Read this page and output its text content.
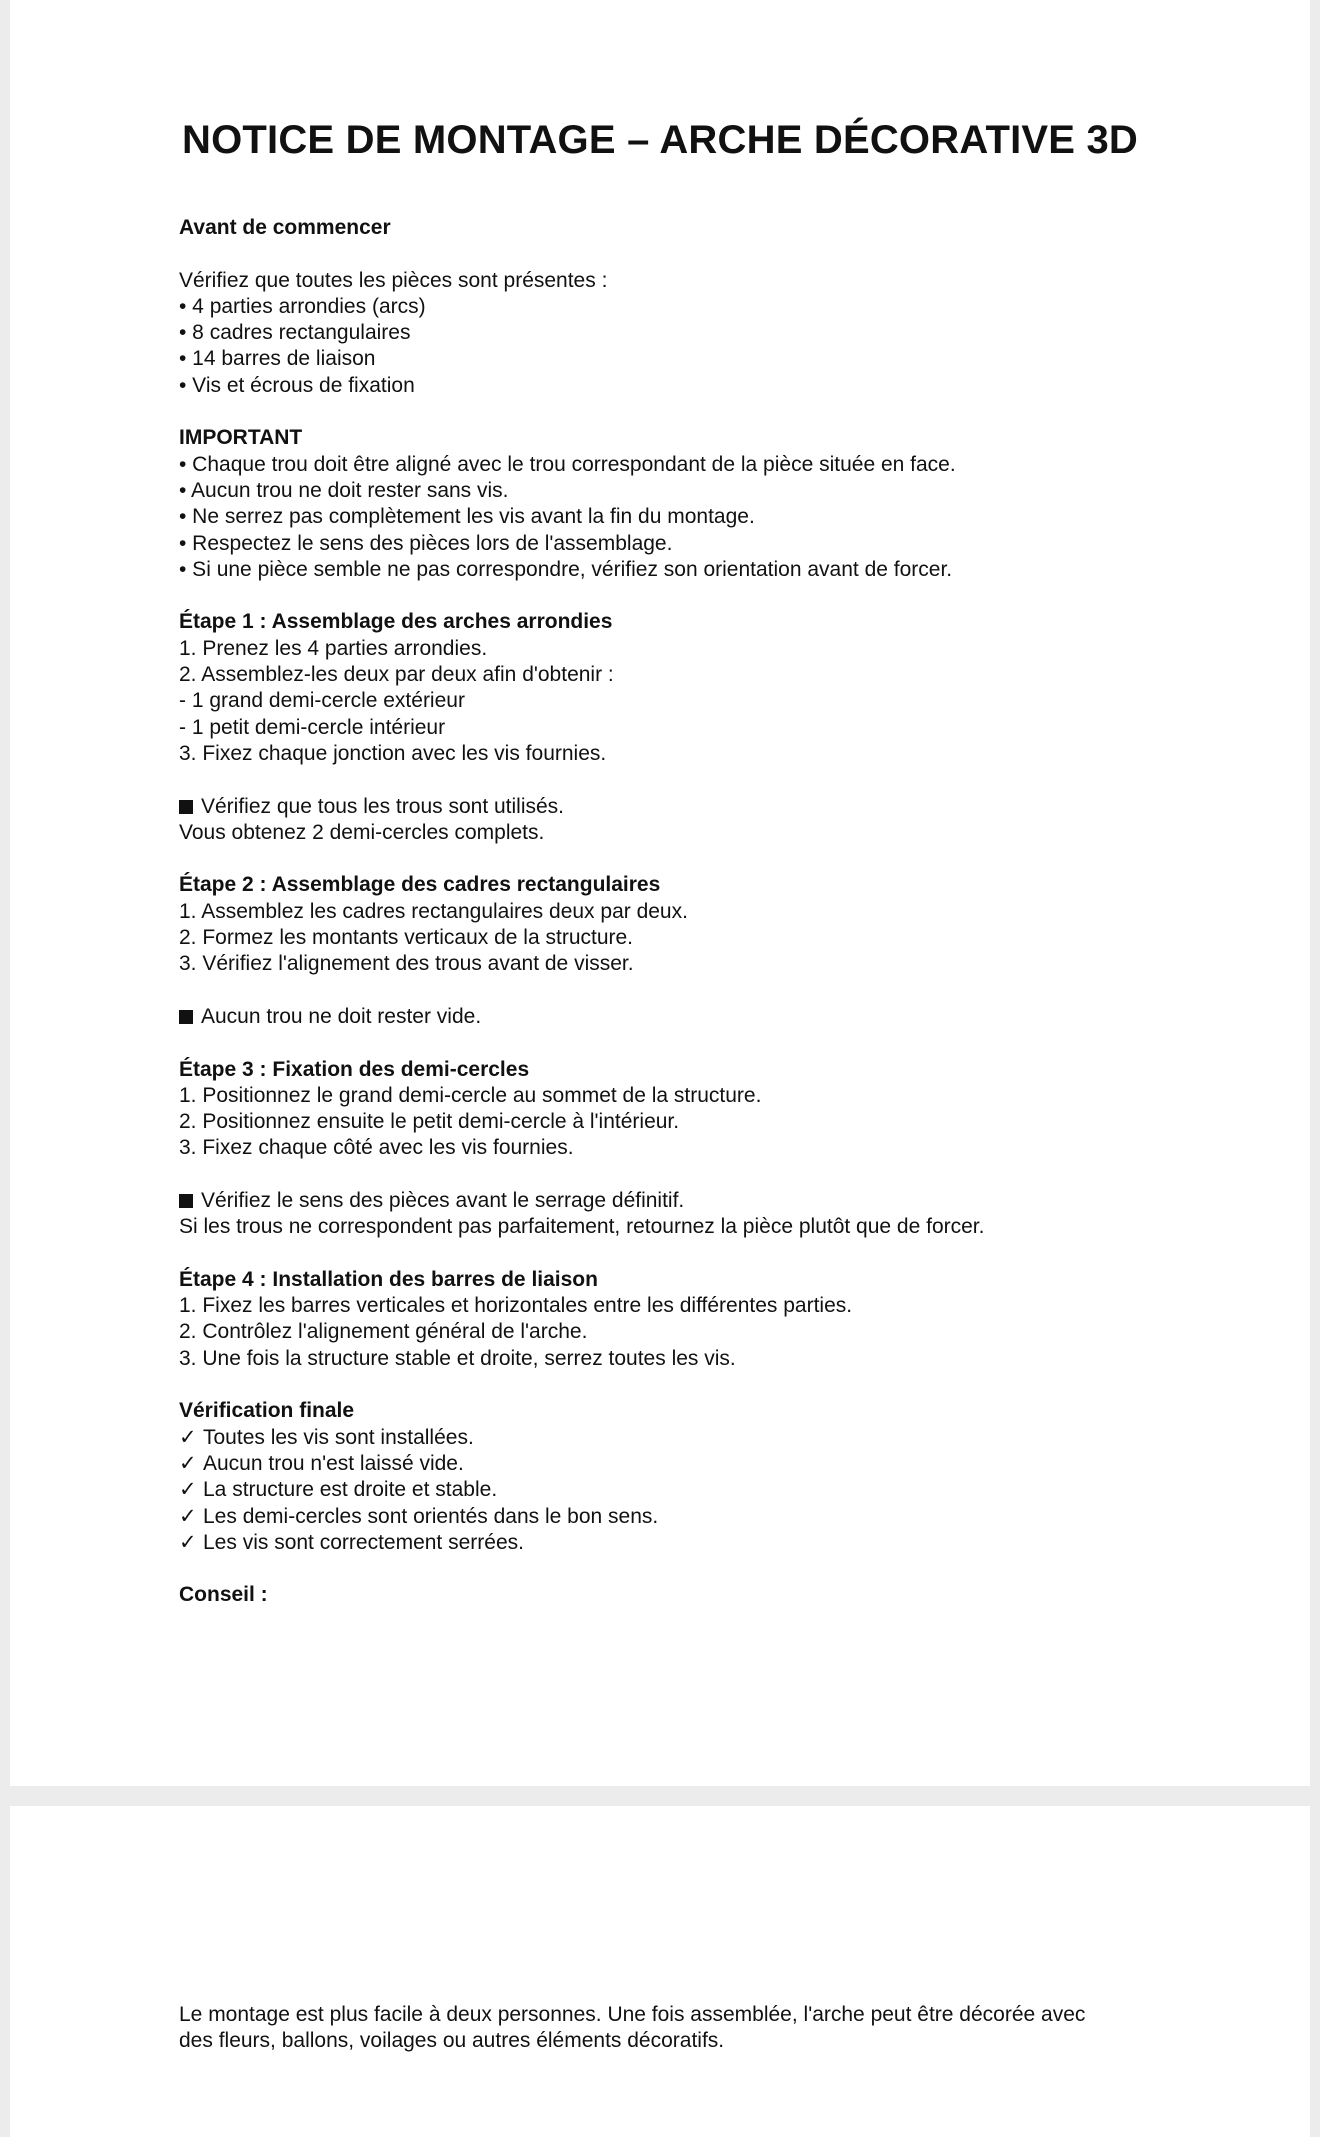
NOTICE DE MONTAGE – ARCHE DÉCORATIVE 3D
Avant de commencer
Vérifiez que toutes les pièces sont présentes :
• 4 parties arrondies (arcs)
• 8 cadres rectangulaires
• 14 barres de liaison
• Vis et écrous de fixation
IMPORTANT
• Chaque trou doit être aligné avec le trou correspondant de la pièce située en face.
• Aucun trou ne doit rester sans vis.
• Ne serrez pas complètement les vis avant la fin du montage.
• Respectez le sens des pièces lors de l'assemblage.
• Si une pièce semble ne pas correspondre, vérifiez son orientation avant de forcer.
Étape 1 : Assemblage des arches arrondies
1. Prenez les 4 parties arrondies.
2. Assemblez-les deux par deux afin d'obtenir :
- 1 grand demi-cercle extérieur
- 1 petit demi-cercle intérieur
3. Fixez chaque jonction avec les vis fournies.
Vérifiez que tous les trous sont utilisés.
Vous obtenez 2 demi-cercles complets.
Étape 2 : Assemblage des cadres rectangulaires
1. Assemblez les cadres rectangulaires deux par deux.
2. Formez les montants verticaux de la structure.
3. Vérifiez l'alignement des trous avant de visser.
Aucun trou ne doit rester vide.
Étape 3 : Fixation des demi-cercles
1. Positionnez le grand demi-cercle au sommet de la structure.
2. Positionnez ensuite le petit demi-cercle à l'intérieur.
3. Fixez chaque côté avec les vis fournies.
Vérifiez le sens des pièces avant le serrage définitif.
Si les trous ne correspondent pas parfaitement, retournez la pièce plutôt que de forcer.
Étape 4 : Installation des barres de liaison
1. Fixez les barres verticales et horizontales entre les différentes parties.
2. Contrôlez l'alignement général de l'arche.
3. Une fois la structure stable et droite, serrez toutes les vis.
Vérification finale
✓ Toutes les vis sont installées.
✓ Aucun trou n'est laissé vide.
✓ La structure est droite et stable.
✓ Les demi-cercles sont orientés dans le bon sens.
✓ Les vis sont correctement serrées.
Conseil :
Le montage est plus facile à deux personnes. Une fois assemblée, l'arche peut être décorée avec
des fleurs, ballons, voilages ou autres éléments décoratifs.
